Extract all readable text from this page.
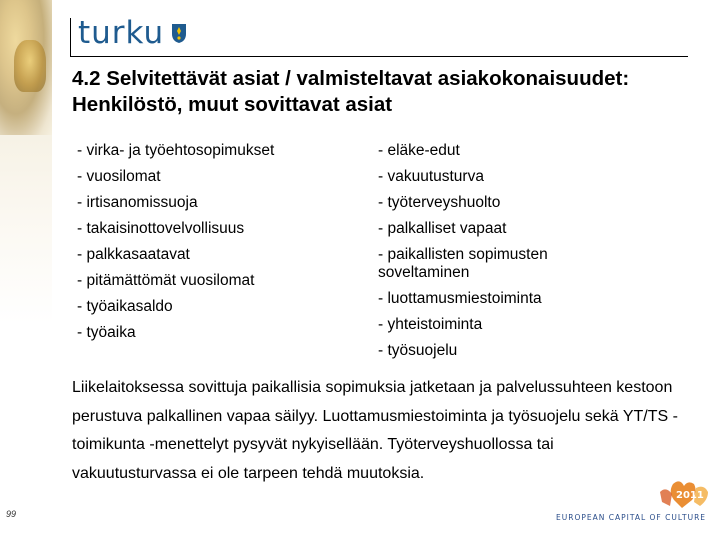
turku
4.2 Selvitettävät asiat / valmisteltavat asiakokonaisuudet: Henkilöstö, muut sovittavat asiat
- virka- ja työehtosopimukset
- vuosilomat
- irtisanomissuoja
- takaisinottovelvollisuus
- palkkasaatavat
- pitämättömät vuosilomat
- työaikasaldo
- työaika
- eläke-edut
- vakuutusturva
- työterveyshuolto
- palkalliset vapaat
- paikallisten sopimusten soveltaminen
- luottamusmiestoiminta
- yhteistoiminta
- työsuojelu
Liikelaitoksessa sovittuja paikallisia sopimuksia jatketaan ja palvelussuhteen kestoon perustuva palkallinen vapaa säilyy. Luottamusmiestoiminta ja työsuojelu sekä YT/TS -toimikunta -menettelyt pysyvät nykyisellään. Työterveyshuollossa tai vakuutusturvassa ei ole tarpeen tehdä muutoksia.
99
2011
EUROPEAN CAPITAL OF CULTURE
